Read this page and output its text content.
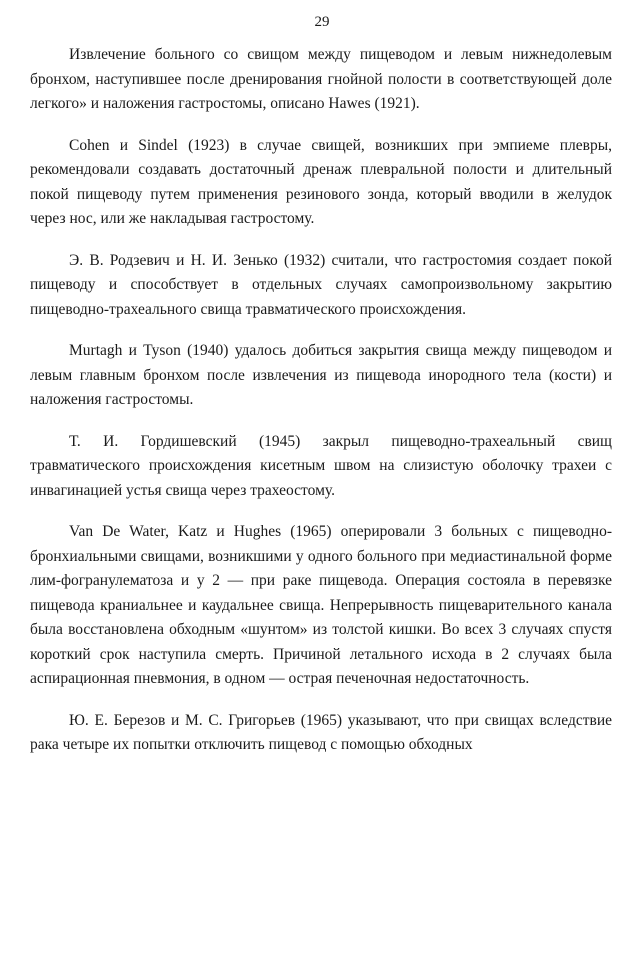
29

Извлечение больного со свищом между пищеводом и левым нижнедолевым бронхом, наступившее после дренирования гнойной полости в соответствующей доле легкого» и наложения гастростомы, описано Hawes (1921).

Cohen и Sindel (1923) в случае свищей, возникших при эмпиеме плевры, рекомендовали создавать достаточный дренаж плевральной полости и длительный покой пищеводу путем применения резинового зонда, который вводили в желудок через нос, или же накладывая гастростому.

Э. В. Родзевич и Н. И. Зенько (1932) считали, что гастростомия создает покой пищеводу и способствует в отдельных случаях самопроизвольному закрытию пищеводно-трахеального свища травматического происхождения.

Murtagh и Tyson (1940) удалось добиться закрытия свища между пищеводом и левым главным бронхом после извлечения из пищевода инородного тела (кости) и наложения гастростомы.

Т. И. Гордишевский (1945) закрыл пищеводно-трахеальный свищ травматического происхождения кисетным швом на слизистую оболочку трахеи с инвагинацией устья свища через трахеостому.

Van De Water, Katz и Hughes (1965) оперировали 3 больных с пищеводно-бронхиальными свищами, возникшими у одного больного при медиастинальной форме лим-фогранулематоза и у 2 — при раке пищевода. Операция состояла в перевязке пищевода краниальнее и каудальнее свища. Непрерывность пищеварительного канала была восстановлена обходным «шунтом» из толстой кишки. Во всех 3 случаях спустя короткий срок наступила смерть. Причиной летального исхода в 2 случаях была аспирационная пневмония, в одном — острая печеночная недостаточность.

Ю. Е. Березов и М. С. Григорьев (1965) указывают, что при свищах вследствие рака четыре их попытки отключить пищевод с помощью обходных
